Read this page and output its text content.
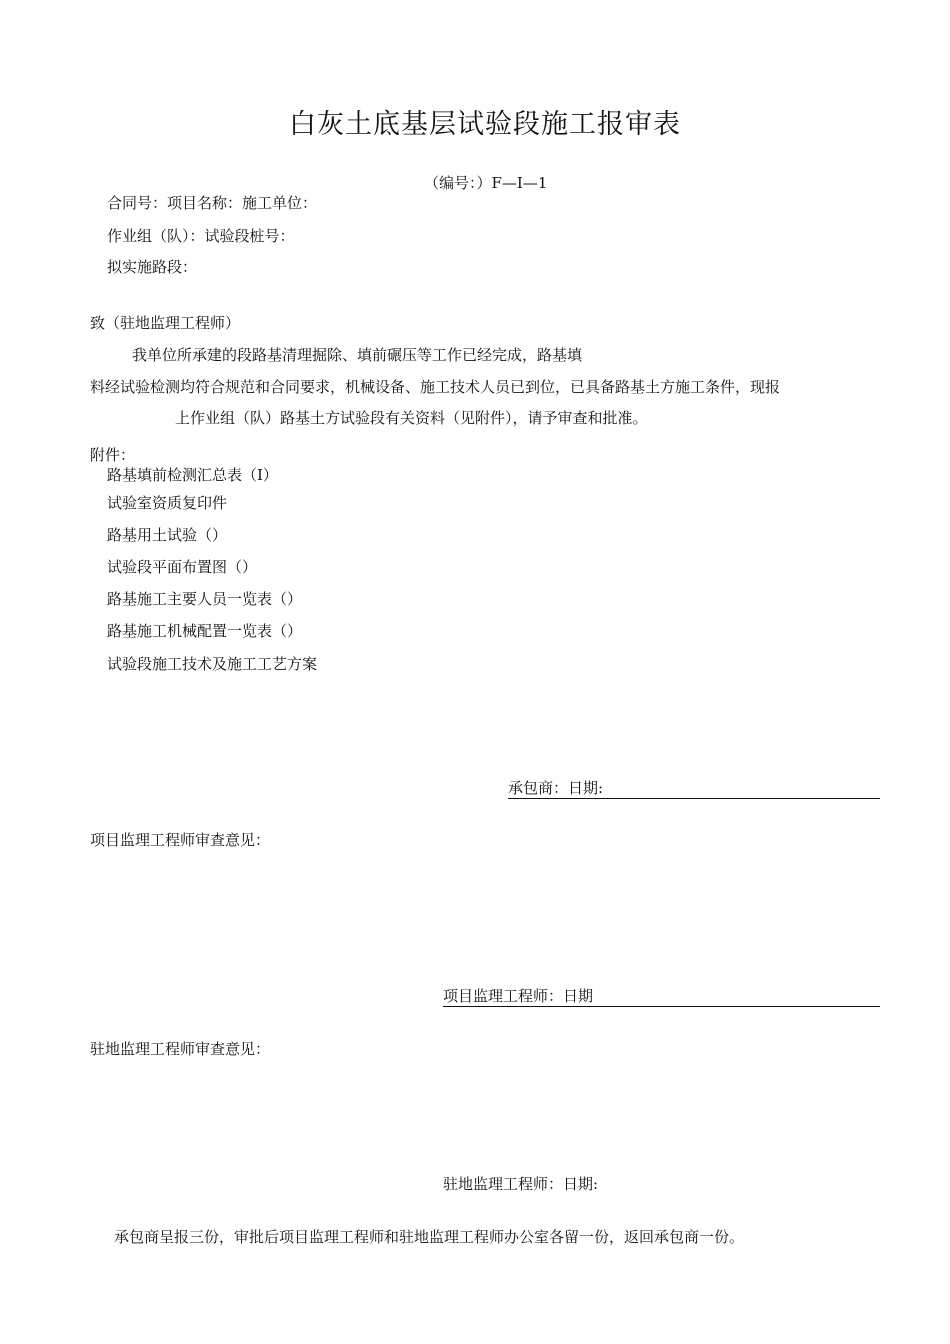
白灰土底基层试验段施工报审表
（编号：）F—I—1
合同号：项目名称：施工单位：
作业组（队）：试验段桩号：
拟实施路段：
致（驻地监理工程师）
我单位所承建的段路基清理掘除、填前碾压等工作已经完成，路基填
料经试验检测均符合规范和合同要求，机械设备、施工技术人员已到位，已具备路基土方施工条件，现报
上作业组（队）路基土方试验段有关资料（见附件），请予审查和批准。
附件：
路基填前检测汇总表（I）
试验室资质复印件
路基用土试验（）
试验段平面布置图（）
路基施工主要人员一览表（）
路基施工机械配置一览表（）
试验段施工技术及施工工艺方案
承包商：日期:
项目监理工程师审查意见：
项目监理工程师：日期
驻地监理工程师审查意见：
驻地监理工程师：日期:
承包商呈报三份，审批后项目监理工程师和驻地监理工程师办公室各留一份，返回承包商一份。
